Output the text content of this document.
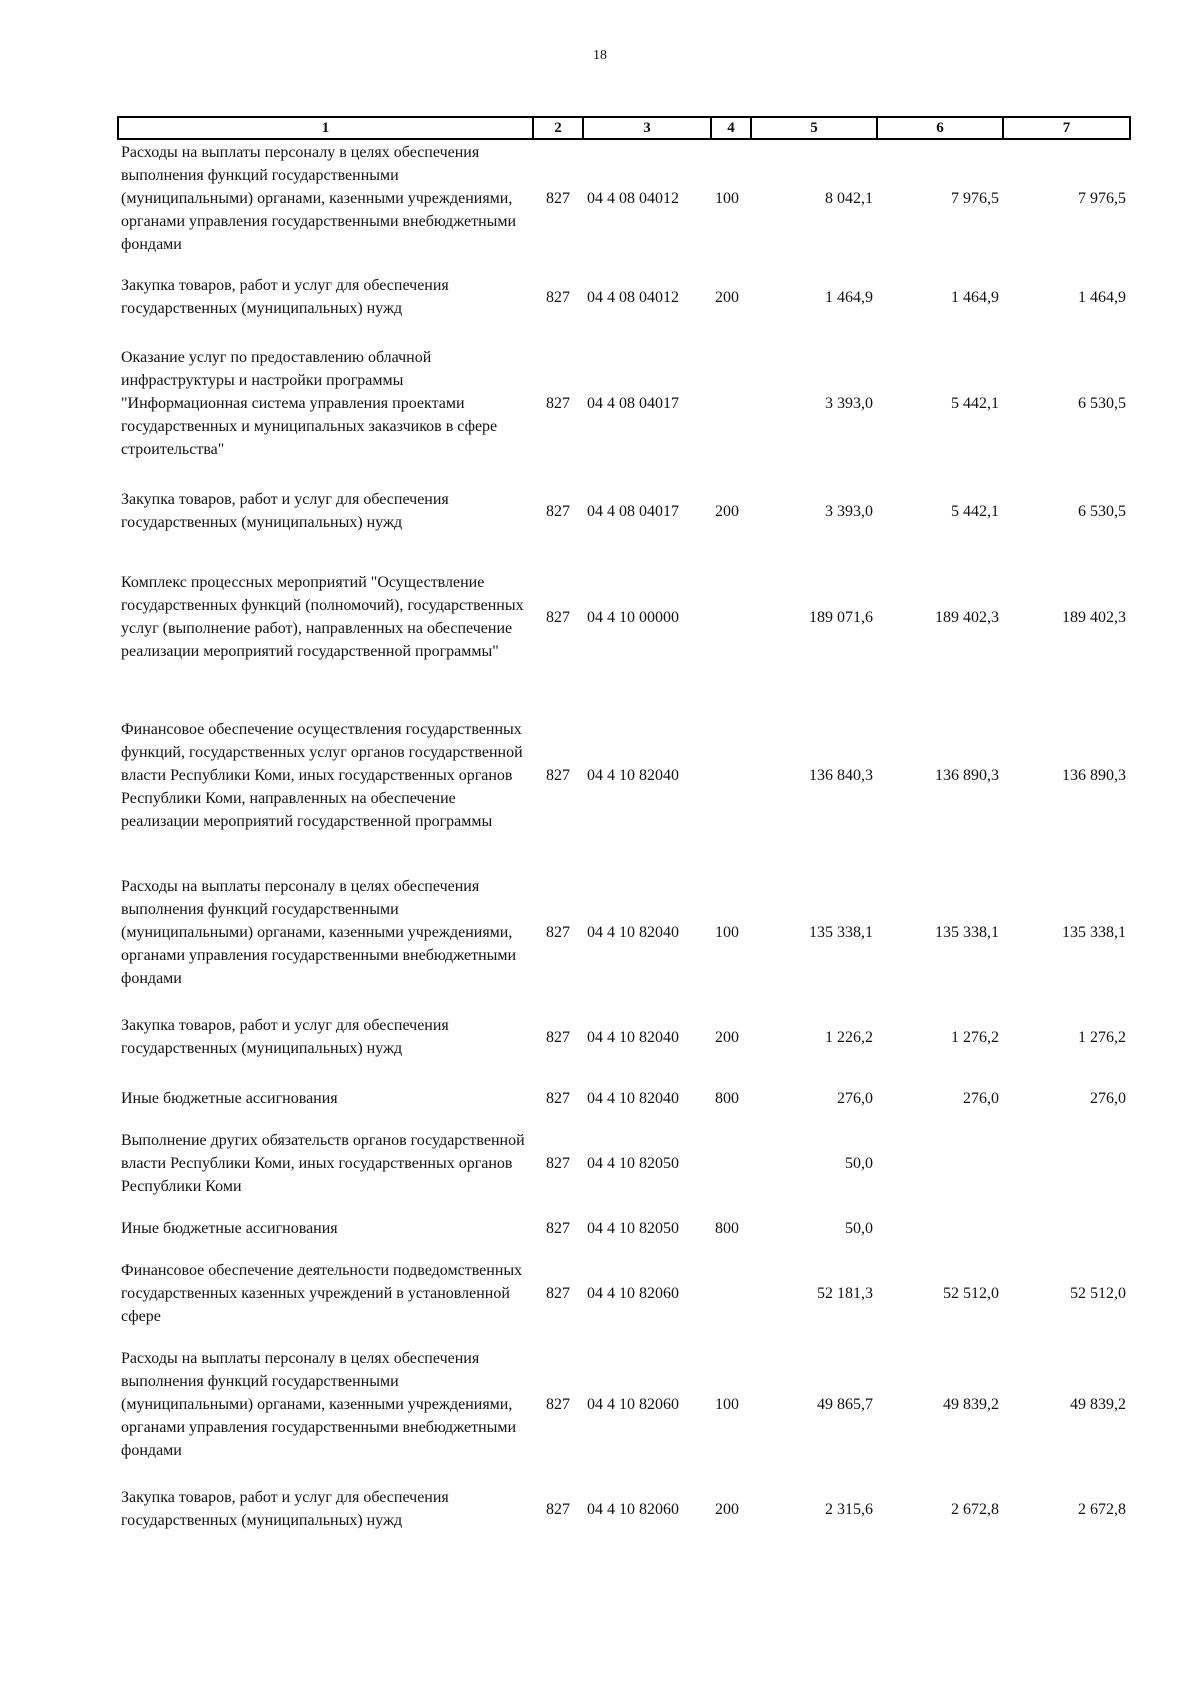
18
1	2	3	4	5	6	7
Расходы на выплаты персоналу в целях обеспечения выполнения функций государственными (муниципальными) органами, казенными учреждениями, органами управления государственными внебюджетными фондами	827	04 4 08 04012	100	8 042,1	7 976,5	7 976,5

Закупка товаров, работ и услуг для обеспечения государственных (муниципальных) нужд	827	04 4 08 04012	200	1 464,9	1 464,9	1 464,9

Оказание услуг по предоставлению облачной инфраструктуры и настройки программы "Информационная система управления проектами государственных и муниципальных заказчиков в сфере строительства"	827	04 4 08 04017		3 393,0	5 442,1	6 530,5

Закупка товаров, работ и услуг для обеспечения государственных (муниципальных) нужд	827	04 4 08 04017	200	3 393,0	5 442,1	6 530,5

Комплекс процессных мероприятий "Осуществление государственных функций (полномочий), государственных услуг (выполнение работ), направленных на обеспечение реализации мероприятий государственной программы"	827	04 4 10 00000		189 071,6	189 402,3	189 402,3

Финансовое обеспечение осуществления государственных функций, государственных услуг органов государственной власти Республики Коми, иных государственных органов Республики Коми, направленных на обеспечение реализации мероприятий государственной программы	827	04 4 10 82040		136 840,3	136 890,3	136 890,3

Расходы на выплаты персоналу в целях обеспечения выполнения функций государственными (муниципальными) органами, казенными учреждениями, органами управления государственными внебюджетными фондами	827	04 4 10 82040	100	135 338,1	135 338,1	135 338,1

Закупка товаров, работ и услуг для обеспечения государственных (муниципальных) нужд	827	04 4 10 82040	200	1 226,2	1 276,2	1 276,2

Иные бюджетные ассигнования	827	04 4 10 82040	800	276,0	276,0	276,0

Выполнение других обязательств органов государственной власти Республики Коми, иных государственных органов Республики Коми	827	04 4 10 82050		50,0		

Иные бюджетные ассигнования	827	04 4 10 82050	800	50,0		

Финансовое обеспечение деятельности подведомственных государственных казенных учреждений в установленной сфере	827	04 4 10 82060		52 181,3	52 512,0	52 512,0

Расходы на выплаты персоналу в целях обеспечения выполнения функций государственными (муниципальными) органами, казенными учреждениями, органами управления государственными внебюджетными фондами	827	04 4 10 82060	100	49 865,7	49 839,2	49 839,2

Закупка товаров, работ и услуг для обеспечения государственных (муниципальных) нужд	827	04 4 10 82060	200	2 315,6	2 672,8	2 672,8
